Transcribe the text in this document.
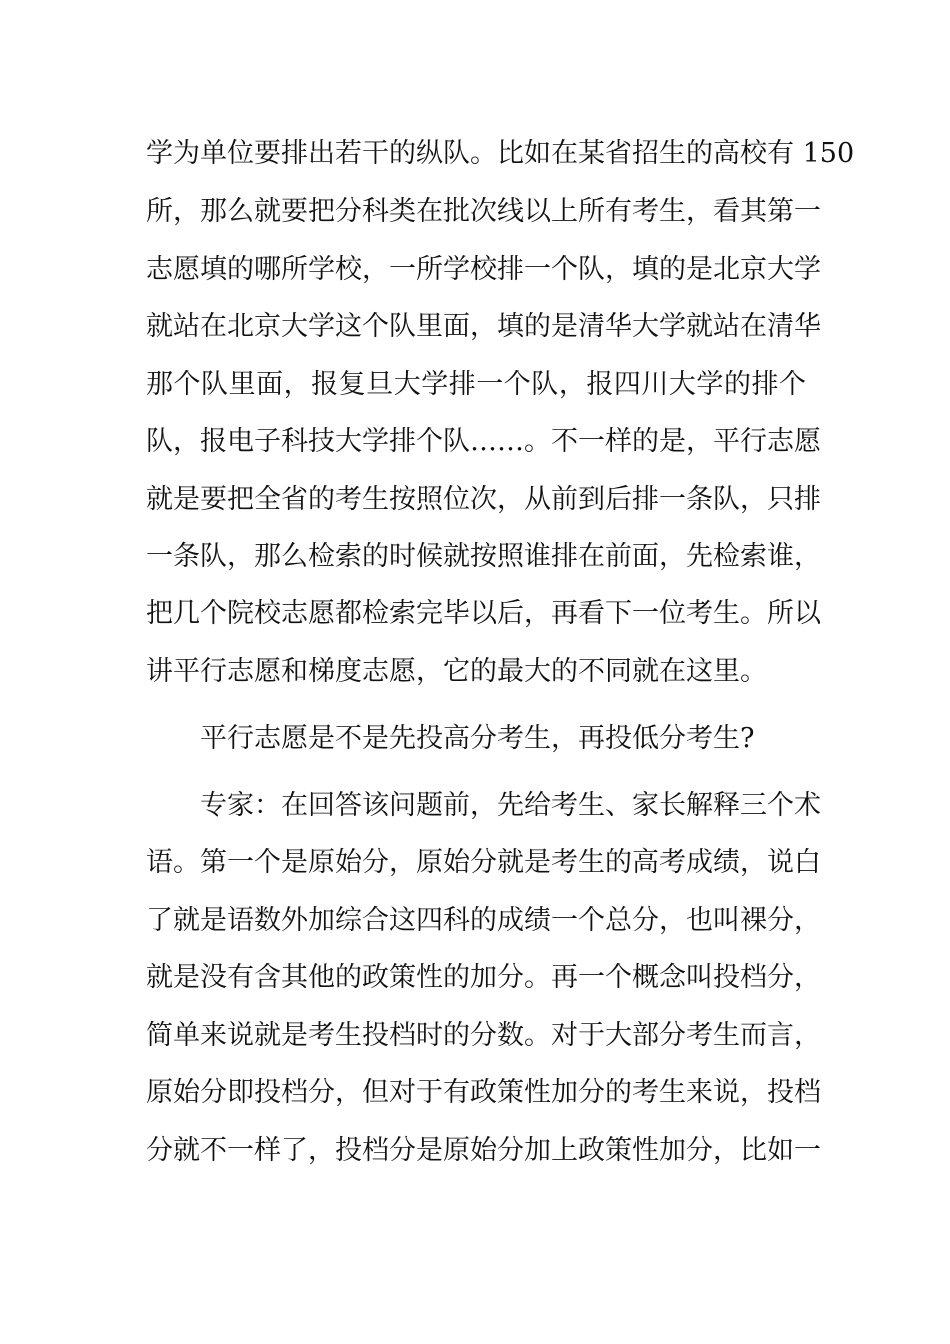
学为单位要排出若干的纵队。比如在某省招生的高校有 150
所，那么就要把分科类在批次线以上所有考生，看其第一
志愿填的哪所学校，一所学校排一个队，填的是北京大学
就站在北京大学这个队里面，填的是清华大学就站在清华
那个队里面，报复旦大学排一个队，报四川大学的排个
队，报电子科技大学排个队……。不一样的是，平行志愿
就是要把全省的考生按照位次，从前到后排一条队，只排
一条队，那么检索的时候就按照谁排在前面，先检索谁，
把几个院校志愿都检索完毕以后，再看下一位考生。所以
讲平行志愿和梯度志愿，它的最大的不同就在这里。
平行志愿是不是先投高分考生，再投低分考生?
专家：在回答该问题前，先给考生、家长解释三个术
语。第一个是原始分，原始分就是考生的高考成绩，说白
了就是语数外加综合这四科的成绩一个总分，也叫裸分，
就是没有含其他的政策性的加分。再一个概念叫投档分，
简单来说就是考生投档时的分数。对于大部分考生而言，
原始分即投档分，但对于有政策性加分的考生来说，投档
分就不一样了，投档分是原始分加上政策性加分，比如一
